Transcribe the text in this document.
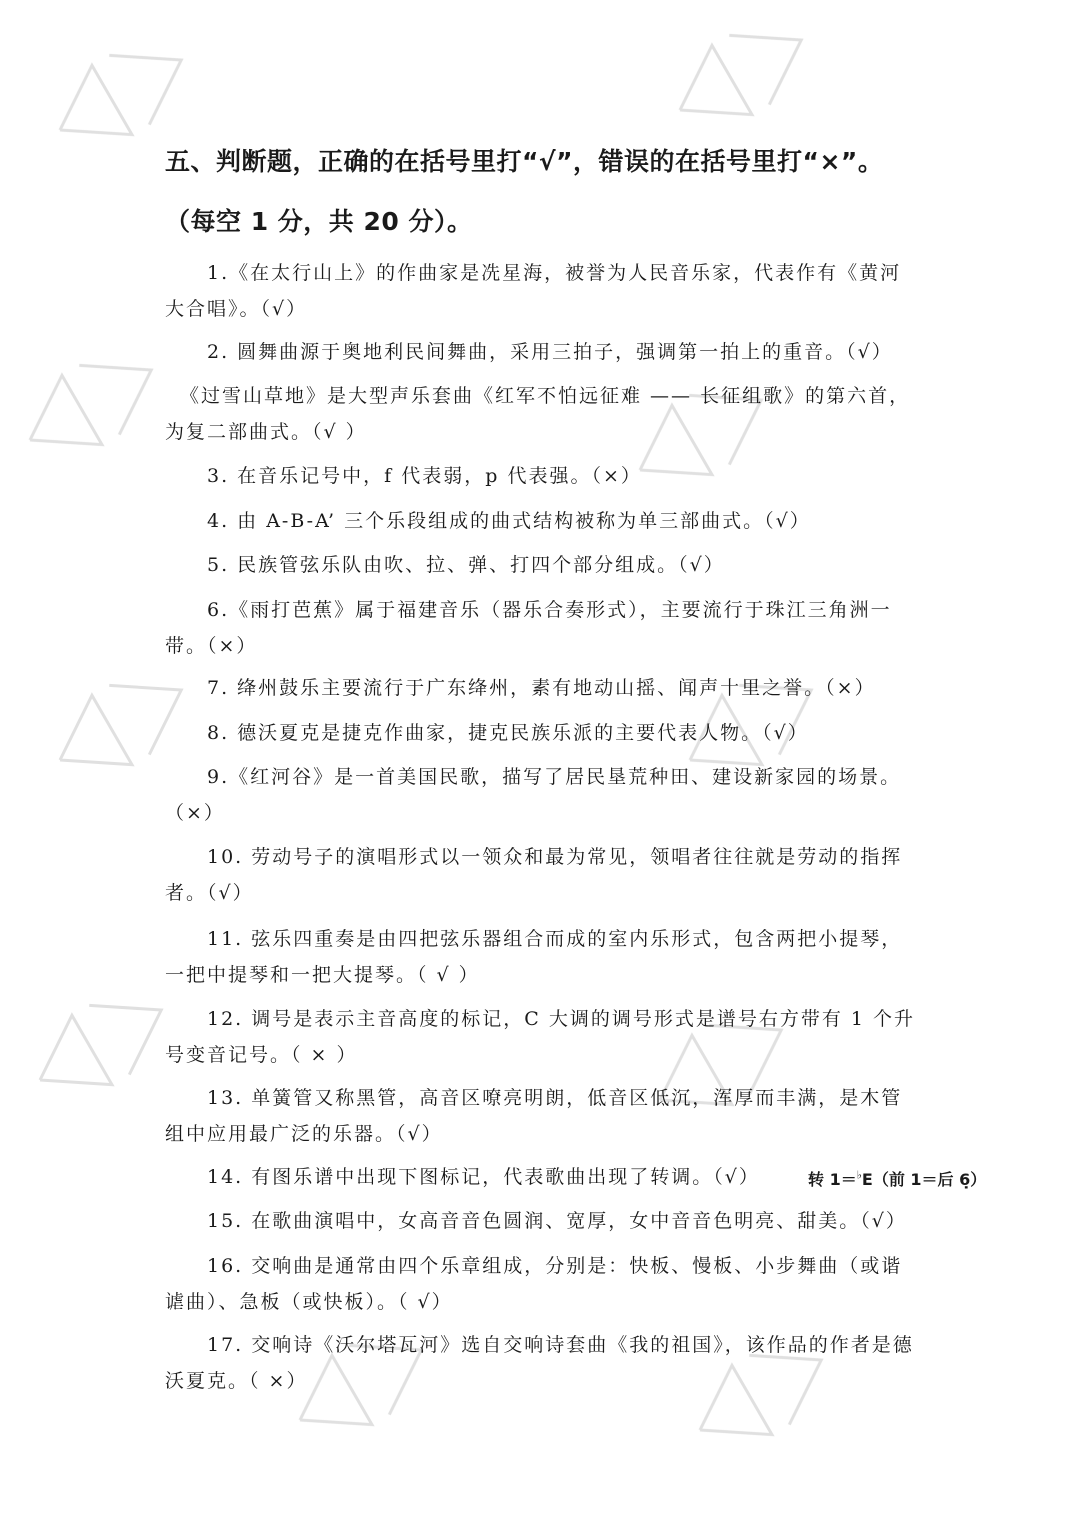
五、判断题，正确的在括号里打“√”，错误的在括号里打“×”。

（每空 1 分，共 20 分）。

1.《在太行山上》的作曲家是冼星海，被誉为人民音乐家，代表作有《黄河大合唱》。（√）

2. 圆舞曲源于奥地利民间舞曲，采用三拍子，强调第一拍上的重音。（√）

《过雪山草地》是大型声乐套曲《红军不怕远征难 —— 长征组歌》的第六首，为复二部曲式。（√ ）

3. 在音乐记号中，f 代表弱，p 代表强。（×）

4. 由 A-B-A’ 三个乐段组成的曲式结构被称为单三部曲式。（√）

5. 民族管弦乐队由吹、拉、弹、打四个部分组成。（√）

6.《雨打芭蕉》属于福建音乐（器乐合奏形式），主要流行于珠江三角洲一带。（×）

7. 绛州鼓乐主要流行于广东绛州，素有地动山摇、闻声十里之誉。（×）

8. 德沃夏克是捷克作曲家，捷克民族乐派的主要代表人物。（√）

9.《红河谷》是一首美国民歌，描写了居民垦荒种田、建设新家园的场景。（×）

10. 劳动号子的演唱形式以一领众和最为常见，领唱者往往就是劳动的指挥者。（√）

11. 弦乐四重奏是由四把弦乐器组合而成的室内乐形式，包含两把小提琴，一把中提琴和一把大提琴。（ √ ）

12. 调号是表示主音高度的标记，C 大调的调号形式是谱号右方带有 1 个升号变音记号。（ × ）

13. 单簧管又称黑管，高音区嘹亮明朗，低音区低沉，浑厚而丰满，是木管组中应用最广泛的乐器。（√）

14. 有图乐谱中出现下图标记，代表歌曲出现了转调。（√）	转 1＝♭E（前 1＝后 6̣）

15. 在歌曲演唱中，女高音音色圆润、宽厚，女中音音色明亮、甜美。（√）

16. 交响曲是通常由四个乐章组成，分别是：快板、慢板、小步舞曲（或谐谑曲）、急板（或快板）。（ √）

17. 交响诗《沃尔塔瓦河》选自交响诗套曲《我的祖国》，该作品的作者是德沃夏克。（ ×）
